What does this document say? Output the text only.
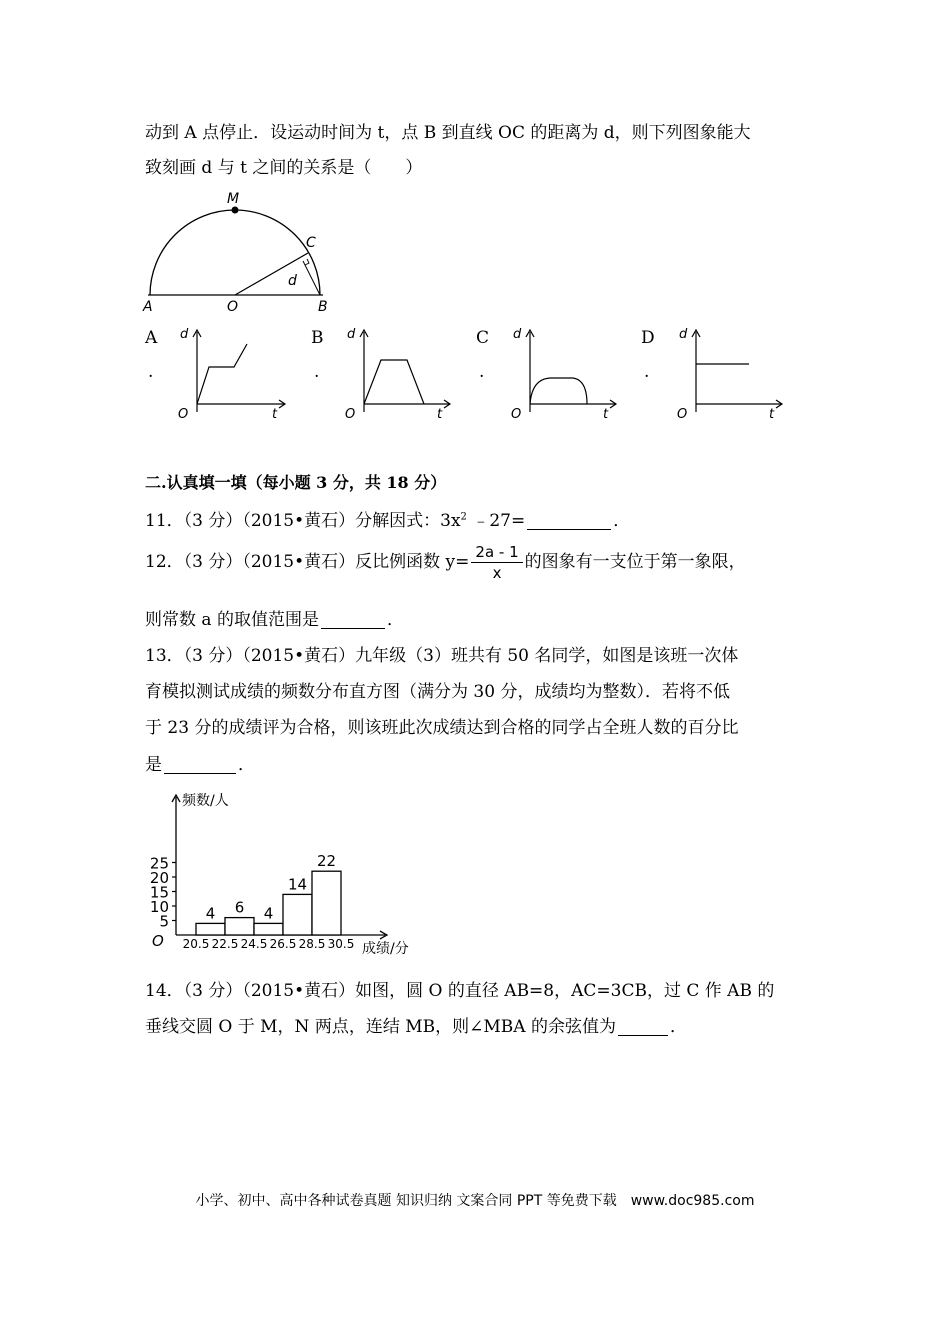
动到 A 点停止．设运动时间为 t，点 B 到直线 OC 的距离为 d，则下列图象能大
致刻画 d 与 t 之间的关系是（　　）
M
C
d
A	O	B
A
.
B
.
C
.
D
.
d
t
O
d
t
O
d
t
O
d
t
O
二.认真填一填（每小题 3 分，共 18 分）
11．（3 分）（2015•黄石）分解因式：$3x^2$ ﹣27=	．
12．（3 分）（2015•黄石）反比例函数 $y= \frac{2a - 1}{x}$ 的图象有一支位于第一象限，
则常数 a 的取值范围是	．
13．（3 分）（2015•黄石）九年级（3）班共有 50 名同学，如图是该班一次体
育模拟测试成绩的频数分布直方图（满分为 30 分，成绩均为整数）．若将不低
于 23 分的成绩评为合格，则该班此次成绩达到合格的同学占全班人数的百分比
是	．
频数/人
成绩/分
O
5
10
15
20
25
4 6 4
14
22
20.5 22.5 24.5 26.5 28.5 30.5
14．（3 分）（2015•黄石）如图，圆 O 的直径 AB=8，AC=3CB，过 C 作 AB 的
垂线交圆 O 于 M，N 两点，连结 MB，则∠MBA 的余弦值为	．
小学、初中、高中各种试卷真题 知识归纳 文案合同 PPT 等免费下载　www.doc985.com
